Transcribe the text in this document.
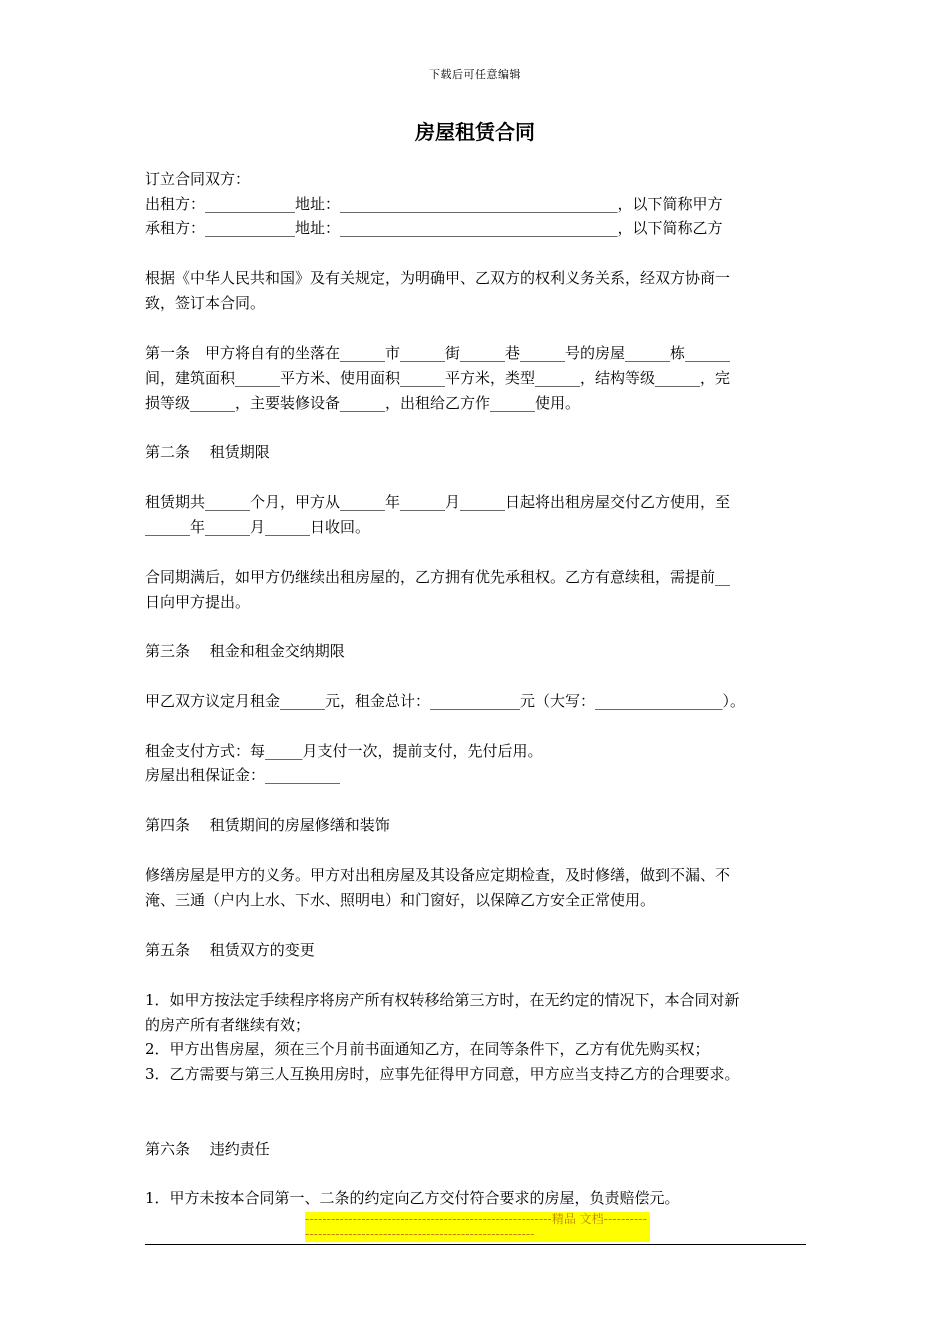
下载后可任意编辑
房屋租赁合同
订立合同双方：
出租方：____________地址：_____________________________________，以下简称甲方
承租方：____________地址：_____________________________________，以下简称乙方
根据《中华人民共和国》及有关规定，为明确甲、乙双方的权利义务关系，经双方协商一
致，签订本合同。
第一条　甲方将自有的坐落在______市______街______巷______号的房屋______栋______
间，建筑面积______平方米、使用面积______平方米，类型______，结构等级______，完
损等级______，主要装修设备______，出租给乙方作______使用。
第二条　 租赁期限
租赁期共______个月，甲方从______年______月______日起将出租房屋交付乙方使用，至
______年______月______日收回。
合同期满后，如甲方仍继续出租房屋的，乙方拥有优先承租权。乙方有意续租，需提前__
日向甲方提出。
第三条　 租金和租金交纳期限
甲乙双方议定月租金______元，租金总计：____________元（大写：_________________）。
租金支付方式：每_____月支付一次，提前支付，先付后用。
房屋出租保证金：__________
第四条　 租赁期间的房屋修缮和装饰
修缮房屋是甲方的义务。甲方对出租房屋及其设备应定期检查，及时修缮，做到不漏、不
淹、三通（户内上水、下水、照明电）和门窗好，以保障乙方安全正常使用。
第五条　 租赁双方的变更
1．如甲方按法定手续程序将房产所有权转移给第三方时，在无约定的情况下，本合同对新
的房产所有者继续有效；
2．甲方出售房屋，须在三个月前书面通知乙方，在同等条件下，乙方有优先购买权；
3．乙方需要与第三人互换用房时，应事先征得甲方同意，甲方应当支持乙方的合理要求。
第六条　 违约责任
1．甲方未按本合同第一、二条的约定向乙方交付符合要求的房屋，负责赔偿元。
---------------------------------------------------------精品 文档---------------------------------------------------------------
